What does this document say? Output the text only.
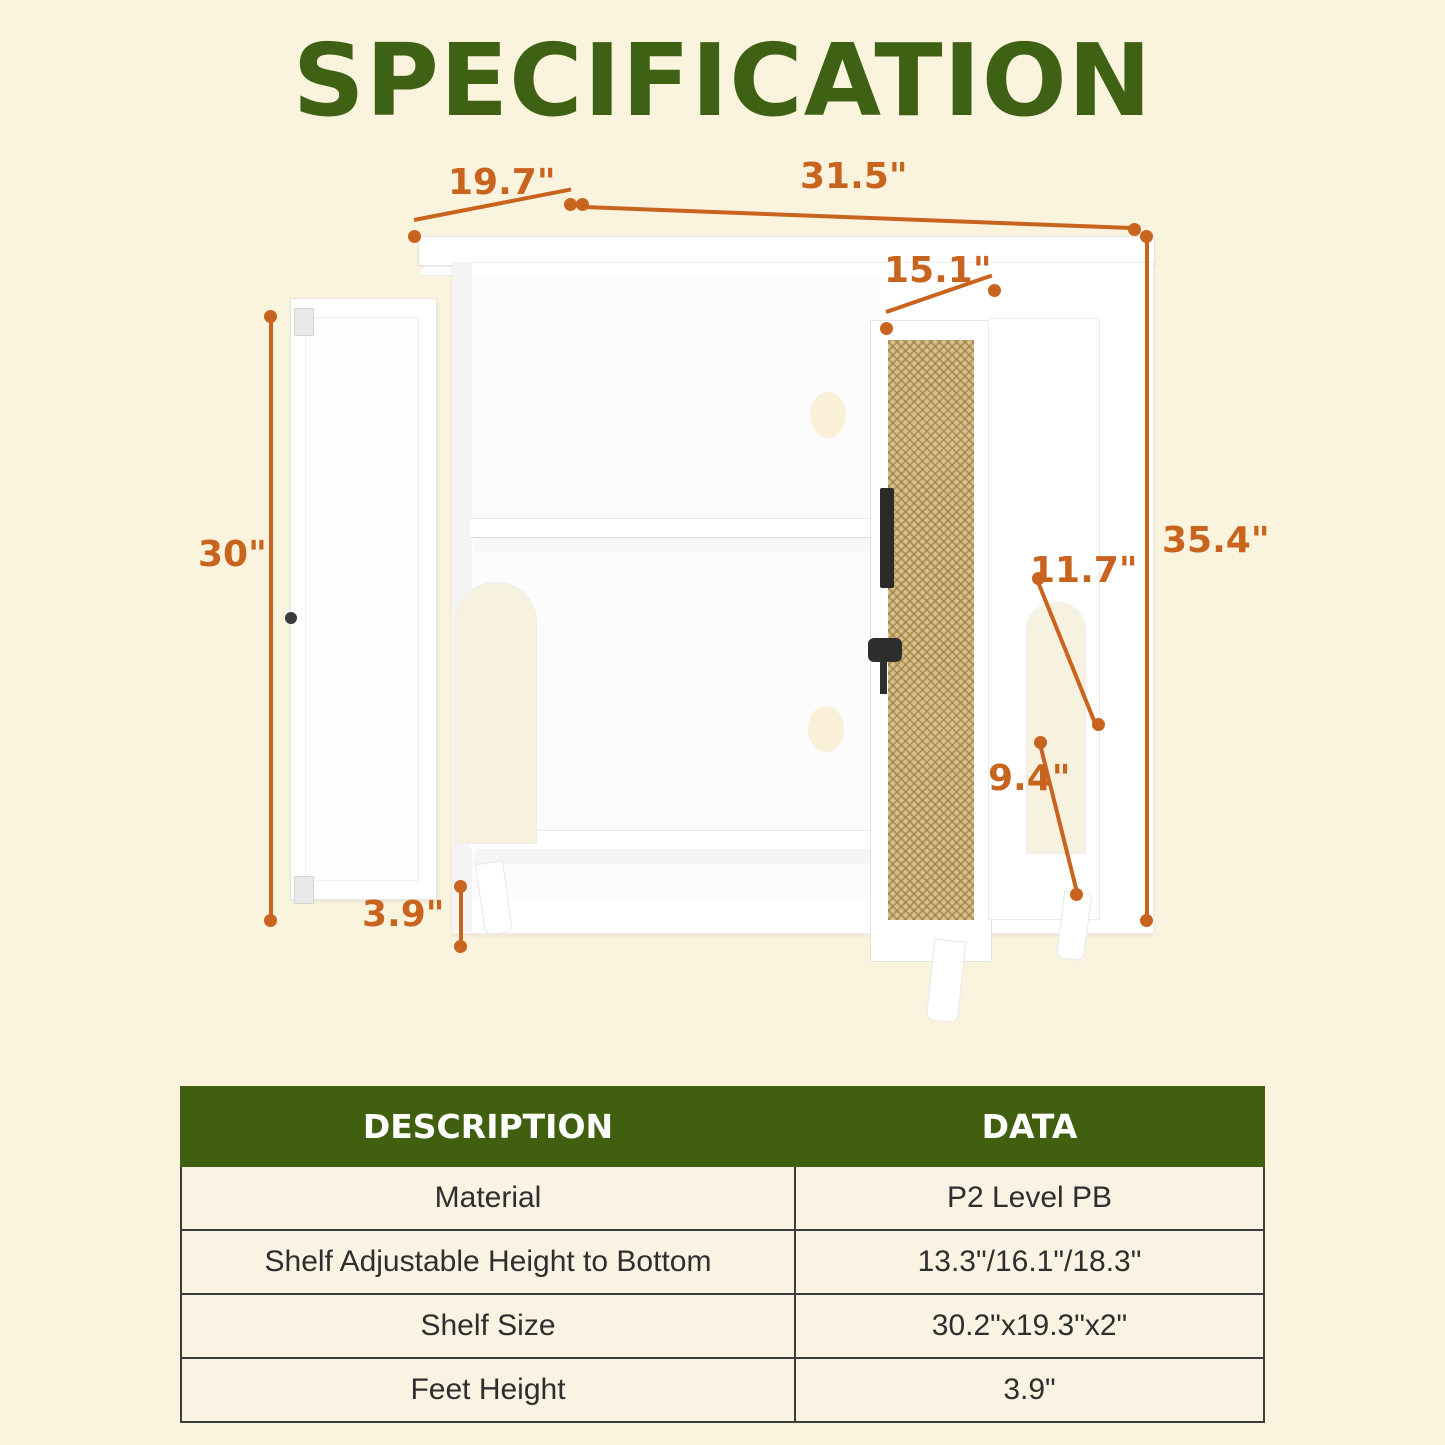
SPECIFICATION
19.7"	31.5"
15.1"
30"	35.4"
11.7"
9.4"
3.9"
DESCRIPTION	DATA
Material	P2 Level PB
Shelf Adjustable Height to Bottom	13.3"/16.1"/18.3"
Shelf Size	30.2"x19.3"x2"
Feet Height	3.9"
